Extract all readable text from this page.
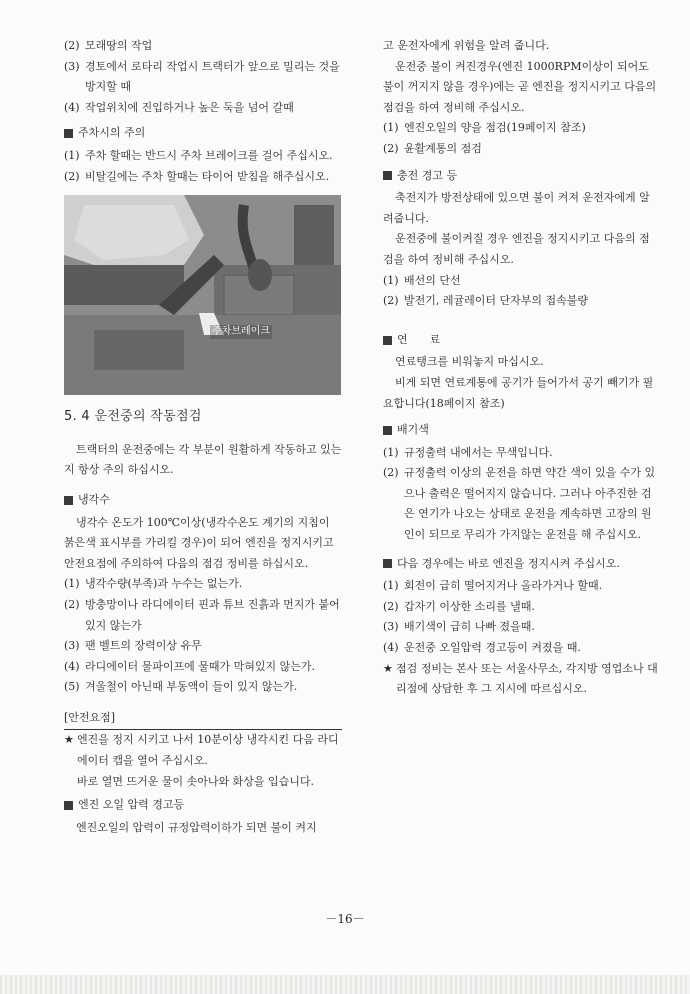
(2) 모래땅의 작업
(3) 경토에서 로타리 작업시 트랙터가 앞으로 밀리는 것을 방지할 때
(4) 작업위치에 진입하거나 높은 둑을 넘어 갈때
주차시의 주의
(1) 주차 할때는 반드시 주차 브레이크를 걸어 주십시오.
(2) 비탈길에는 주차 할때는 타이어 받침을 해주십시오.
주차브레이크
5. 4 운전중의 작동점검

트랙터의 운전중에는 각 부분이 원활하게 작동하고 있는지 항상 주의 하십시오.

냉각수

냉각수 온도가 100℃이상(냉각수온도 계기의 지침이 붉은색 표시부를 가리킬 경우)이 되어 엔진을 정지시키고 안전요점에 주의하여 다음의 점검 정비를 하십시오.

(1) 냉각수량(부족)과 누수는 없는가.
(2) 방충망이나 라디에이터 핀과 튜브 진흙과 먼지가 붙어 있지 않는가
(3) 팬 벨트의 장력이상 유무
(4) 라디에이터 물파이프에 물때가 막혀있지 않는가.
(5) 겨울철이 아닌때 부동액이 들이 있지 않는가.
[안전요점]
★ 엔진을 정지 시키고 나서 10분이상 냉각시킨 다음 라디에이터 캡을 열어 주십시오.

바로 열면 뜨거운 물이 솟아나와 화상을 입습니다.

엔진 오일 압력 경고등

엔진오일의 압력이 규정압력이하가 되면 불이 켜지

고 운전자에게 위험을 알려 줍니다.

운전중 불이 켜진경우(엔진 1000RPM이상이 되어도 불이 꺼지지 않을 경우)에는 곧 엔진을 정지시키고 다음의 점검을 하여 정비해 주십시오.

(1) 엔진오일의 양을 점검(19페이지 참조)
(2) 윤활계통의 점검
충전 경고 등

축전지가 방전상태에 있으면 불이 켜져 운전자에게 알려줍니다.

운전중에 불이켜질 경우 엔진을 정지시키고 다음의 점검을 하여 정비해 주십시오.

(1) 배선의 단선
(2) 발전기, 레귤레이터 단자부의 접속불량
연　　료

연료탱크를 비워놓지 마십시오.

비게 되면 연료계통에 공기가 들어가서 공기 빼기가 필요합니다(18페이지 참조)

배기색
(1) 규정출력 내에서는 무색입니다.
(2) 규정출력 이상의 운전을 하면 약간 색이 있을 수가 있으나 출력은 떨어지지 않습니다. 그러나 아주진한 검은 연기가 나오는 상태로 운전을 계속하면 고장의 원인이 되므로 무리가 가지않는 운전을 해 주십시오.
다음 경우에는 바로 엔진을 정지시켜 주십시오.
(1) 회전이 급히 떨어지거나 올라가거나 할때.
(2) 갑자기 이상한 소리를 낼때.
(3) 배기색이 급히 나빠 졌을때.
(4) 운전중 오일압력 경고등이 켜졌을 때.
★ 점검 정비는 본사 또는 서울사무소, 각지방 영업소나 대리점에 상담한 후 그 지시에 따르십시오.
－16－
